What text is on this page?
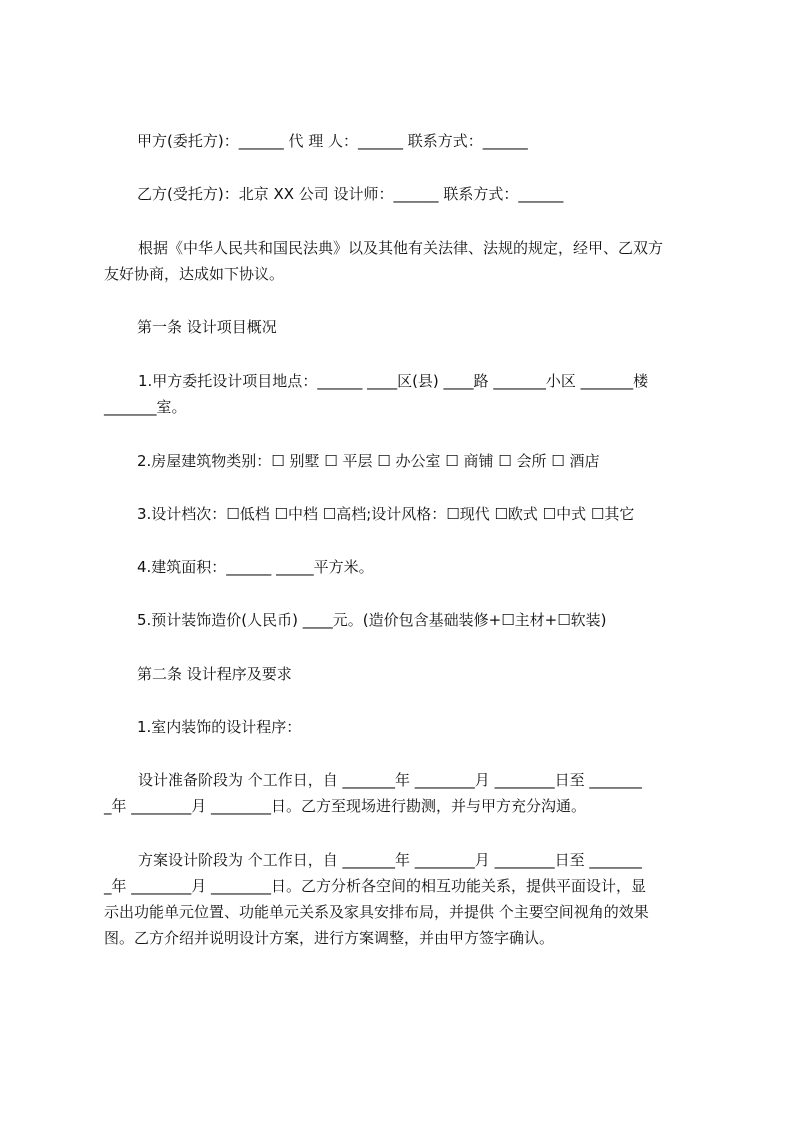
甲方(委托方)：______ 代 理 人：______ 联系方式：______
乙方(受托方)：北京 XX 公司 设计师：______ 联系方式：______
根据《中华人民共和国民法典》以及其他有关法律、法规的规定，经甲、乙双方
友好协商，达成如下协议。
第一条 设计项目概况
1.甲方委托设计项目地点：______ ____区(县) ____路 _______小区 _______楼
_______室。
2.房屋建筑物类别：☐ 别墅 ☐ 平层 ☐ 办公室 ☐ 商铺 ☐ 会所 ☐ 酒店
3.设计档次：☐低档 ☐中档 ☐高档;设计风格：☐现代 ☐欧式 ☐中式 ☐其它
4.建筑面积：______ _____平方米。
5.预计装饰造价(人民币) ____元。(造价包含基础装修+☐主材+☐软装)
第二条 设计程序及要求
1.室内装饰的设计程序：
设计准备阶段为 个工作日，自 _______年 ________月 ________日至 _______
_年 ________月 ________日。乙方至现场进行勘测，并与甲方充分沟通。
方案设计阶段为 个工作日，自 _______年 ________月 ________日至 _______
_年 ________月 ________日。乙方分析各空间的相互功能关系，提供平面设计，显
示出功能单元位置、功能单元关系及家具安排布局，并提供 个主要空间视角的效果
图。乙方介绍并说明设计方案，进行方案调整，并由甲方签字确认。
